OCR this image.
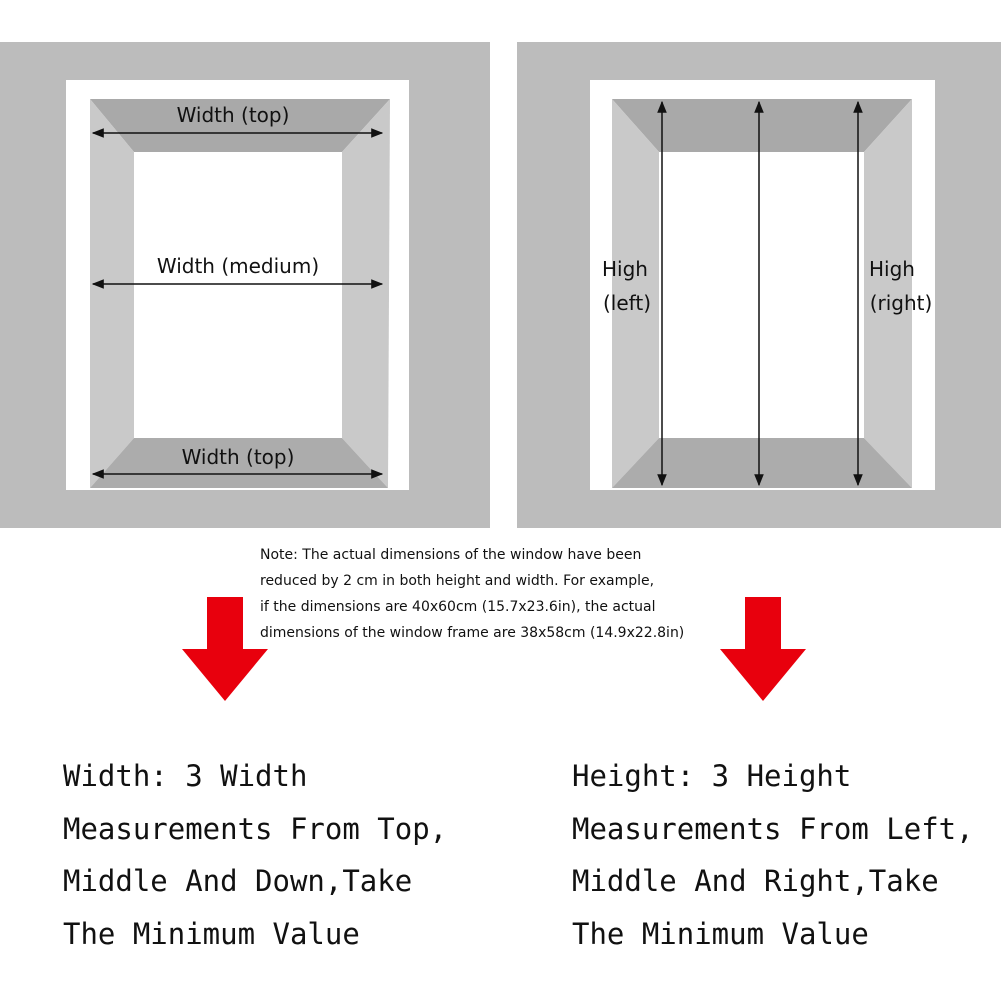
Width (top)
Width (medium)
Width (top)
High
(left)
High
(right)
Note: The actual dimensions of the window have been
reduced by 2 cm in both height and width. For example,
if the dimensions are 40x60cm (15.7x23.6in), the actual
dimensions of the window frame are 38x58cm (14.9x22.8in)
Width: 3 Width
Measurements From Top,
Middle And Down,Take
The Minimum Value
Height: 3 Height
Measurements From Left,
Middle And Right,Take
The Minimum Value
